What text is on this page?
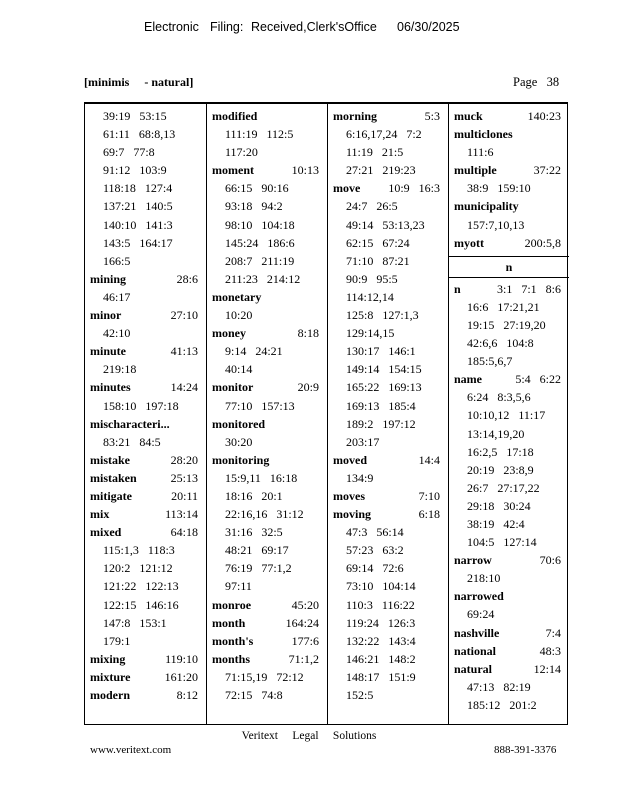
Electronic Filing: Received,Clerk'sOffice 06/30/2025
[minimis     - natural]	Page   38
39:19   53:15
61:11   68:8,13
69:7   77:8
91:12   103:9
118:18   127:4
137:21   140:5
140:10   141:3
143:5   164:17
166:5
mining	28:6
46:17
minor	27:10
42:10
minute	41:13
219:18
minutes	14:24
158:10   197:18
mischaracteri...
83:21   84:5
mistake	28:20
mistaken	25:13
mitigate	20:11
mix	113:14
mixed	64:18
115:1,3   118:3
120:2   121:12
121:22   122:13
122:15   146:16
147:8   153:1
179:1
mixing	119:10
mixture	161:20
modern	8:12
modified
111:19   112:5
117:20
moment	10:13
66:15   90:16
93:18   94:2
98:10   104:18
145:24   186:6
208:7   211:19
211:23   214:12
monetary
10:20
money	8:18
9:14   24:21
40:14
monitor	20:9
77:10   157:13
monitored
30:20
monitoring
15:9,11   16:18
18:16   20:1
22:16,16   31:12
31:16   32:5
48:21   69:17
76:19   77:1,2
97:11
monroe	45:20
month	164:24
month's	177:6
months	71:1,2
71:15,19   72:12
72:15   74:8
morning	5:3
6:16,17,24   7:2
11:19   21:5
27:21   219:23
move 10:9   16:3
24:7   26:5
49:14   53:13,23
62:15   67:24
71:10   87:21
90:9   95:5
114:12,14
125:8   127:1,3
129:14,15
130:17   146:1
149:14   154:15
165:22   169:13
169:13   185:4
189:2   197:12
203:17
moved	14:4
134:9
moves	7:10
moving	6:18
47:3   56:14
57:23   63:2
69:14   72:6
73:10   104:14
110:3   116:22
119:24   126:3
132:22   143:4
146:21   148:2
148:17   151:9
152:5
muck	140:23
multiclones
111:6
multiple	37:22
38:9   159:10
municipality
157:7,10,13
myott	200:5,8
n
n	3:1   7:1   8:6
16:6   17:21,21
19:15   27:19,20
42:6,6   104:8
185:5,6,7
name	5:4   6:22
6:24   8:3,5,6
10:10,12   11:17
13:14,19,20
16:2,5   17:18
20:19   23:8,9
26:7   27:17,22
29:18   30:24
38:19   42:4
104:5   127:14
narrow	70:6
218:10
narrowed
69:24
nashville	7:4
national	48:3
natural	12:14
47:13   82:19
185:12   201:2
Veritext     Legal     Solutions
www.veritext.com	888-391-3376
